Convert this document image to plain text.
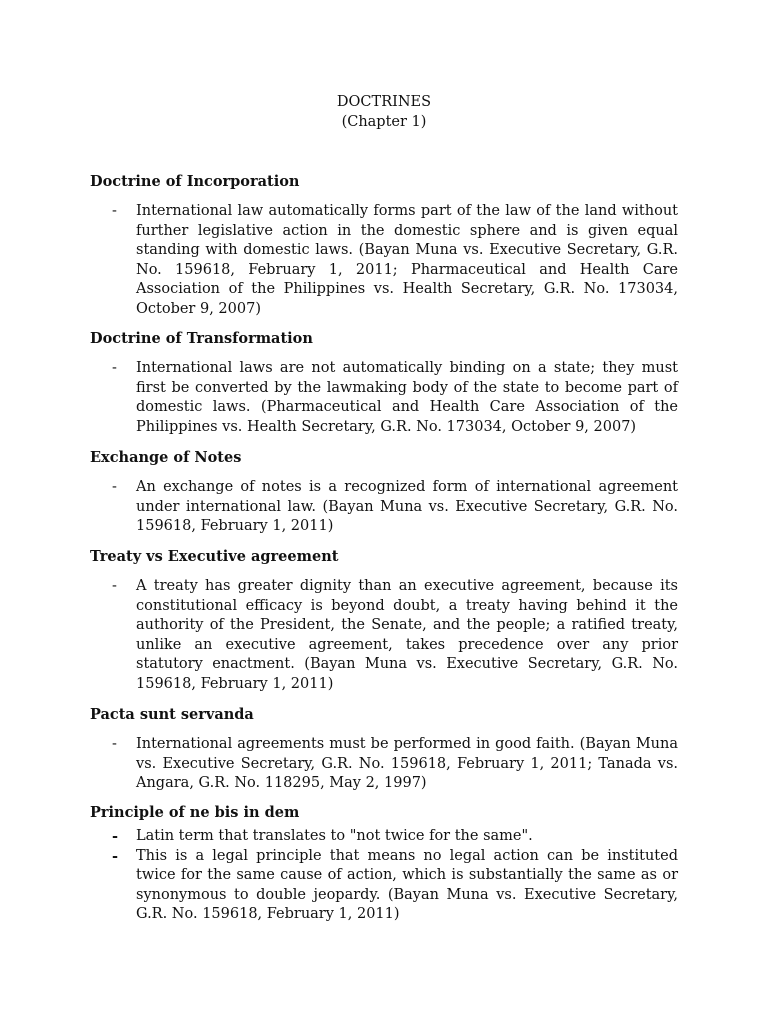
DOCTRINES
(Chapter 1)
Doctrine of Incorporation
- International law automatically forms part of the law of the land without further legislative action in the domestic sphere and is given equal standing with domestic laws. (Bayan Muna vs. Executive Secretary, G.R. No. 159618, February 1, 2011; Pharmaceutical and Health Care Association of the Philippines vs. Health Secretary, G.R. No. 173034, October 9, 2007)
Doctrine of Transformation
- International laws are not automatically binding on a state; they must first be converted by the lawmaking body of the state to become part of domestic laws. (Pharmaceutical and Health Care Association of the Philippines vs. Health Secretary, G.R. No. 173034, October 9, 2007)
Exchange of Notes
- An exchange of notes is a recognized form of international agreement under international law. (Bayan Muna vs. Executive Secretary, G.R. No. 159618, February 1, 2011)
Treaty vs Executive agreement
- A treaty has greater dignity than an executive agreement, because its constitutional efficacy is beyond doubt, a treaty having behind it the authority of the President, the Senate, and the people; a ratified treaty, unlike an executive agreement, takes precedence over any prior statutory enactment. (Bayan Muna vs. Executive Secretary, G.R. No. 159618, February 1, 2011)
Pacta sunt servanda
- International agreements must be performed in good faith. (Bayan Muna vs. Executive Secretary, G.R. No. 159618, February 1, 2011; Tanada vs. Angara, G.R. No. 118295, May 2, 1997)
Principle of ne bis in dem
- Latin term that translates to "not twice for the same".
- This is a legal principle that means no legal action can be instituted twice for the same cause of action, which is substantially the same as or synonymous to double jeopardy. (Bayan Muna vs. Executive Secretary, G.R. No. 159618, February 1, 2011)
